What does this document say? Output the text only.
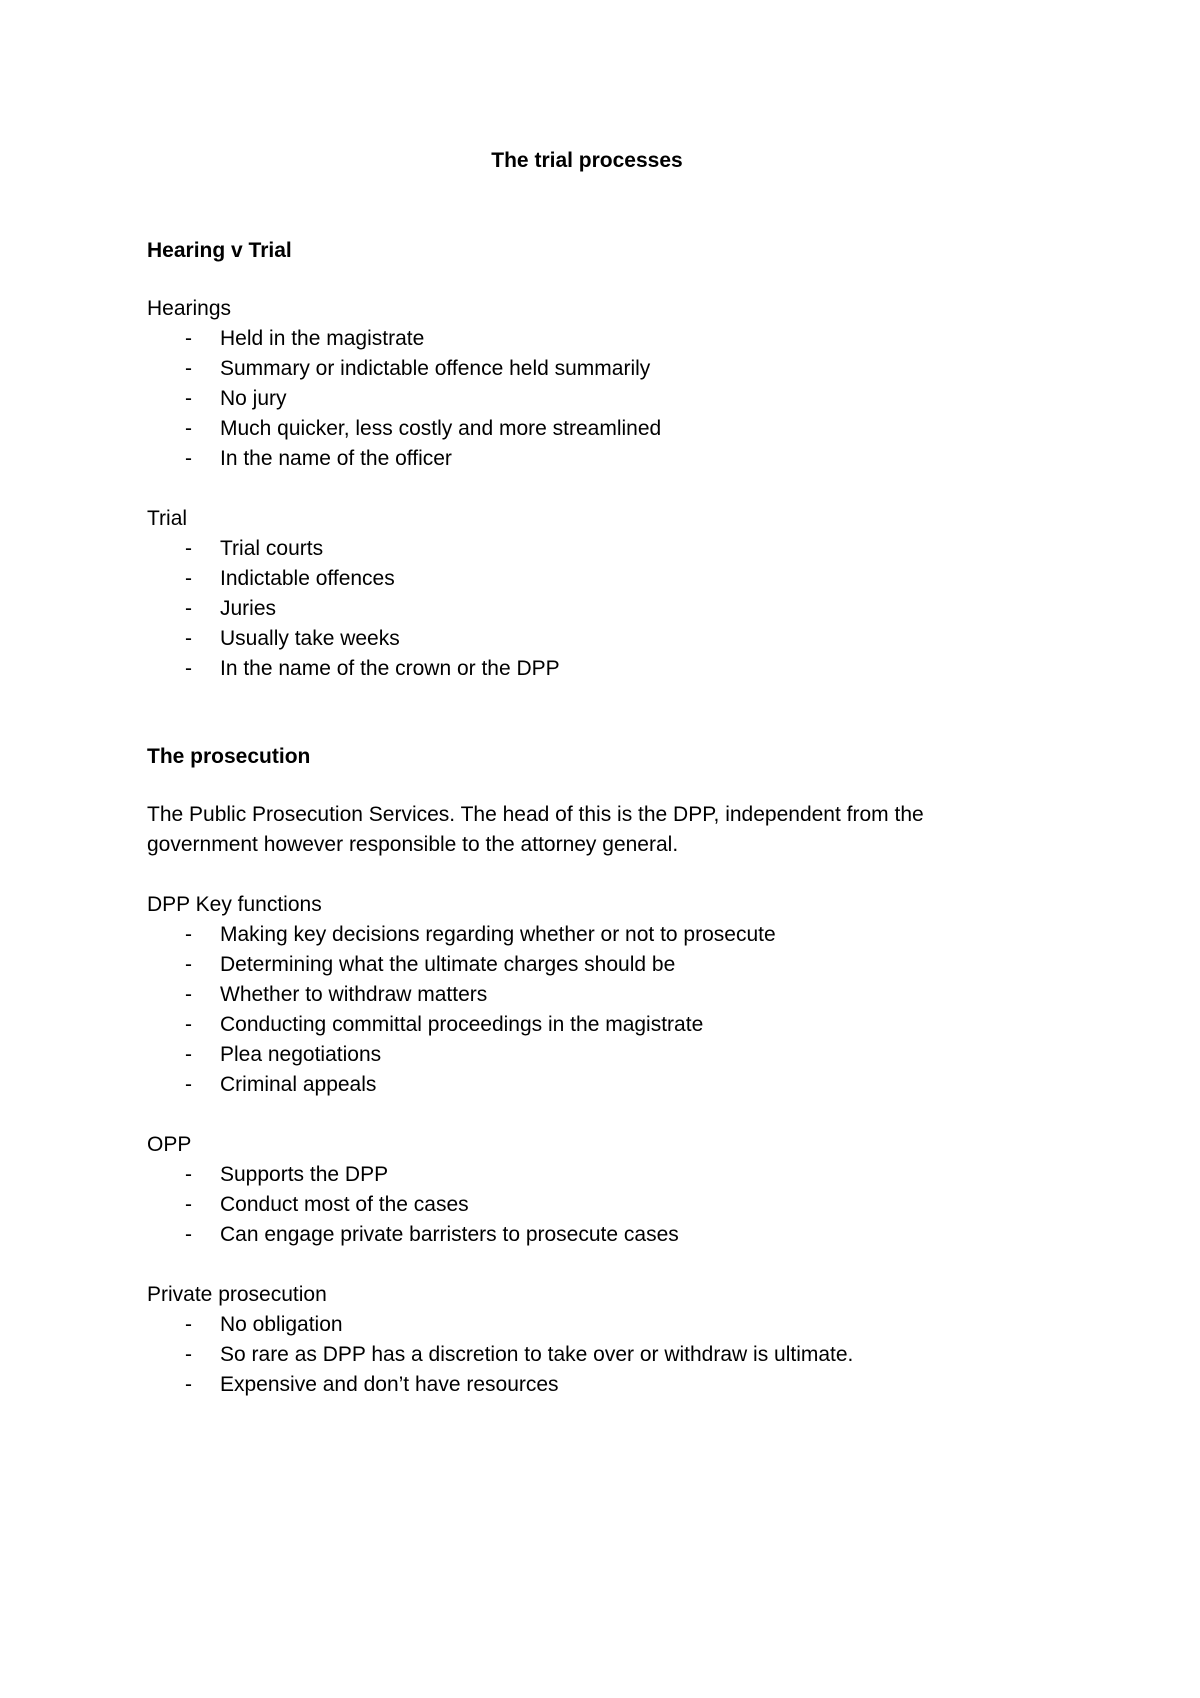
The trial processes

Hearing v Trial

Hearings

- Held in the magistrate
- Summary or indictable offence held summarily
- No jury
- Much quicker, less costly and more streamlined
- In the name of the officer

Trial

- Trial courts
- Indictable offences
- Juries
- Usually take weeks
- In the name of the crown or the DPP

The prosecution

The Public Prosecution Services. The head of this is the DPP, independent from the

government however responsible to the attorney general.

DPP Key functions

- Making key decisions regarding whether or not to prosecute
- Determining what the ultimate charges should be
- Whether to withdraw matters
- Conducting committal proceedings in the magistrate
- Plea negotiations
- Criminal appeals

OPP

- Supports the DPP
- Conduct most of the cases
- Can engage private barristers to prosecute cases

Private prosecution

- No obligation
- So rare as DPP has a discretion to take over or withdraw is ultimate.
- Expensive and don’t have resources
